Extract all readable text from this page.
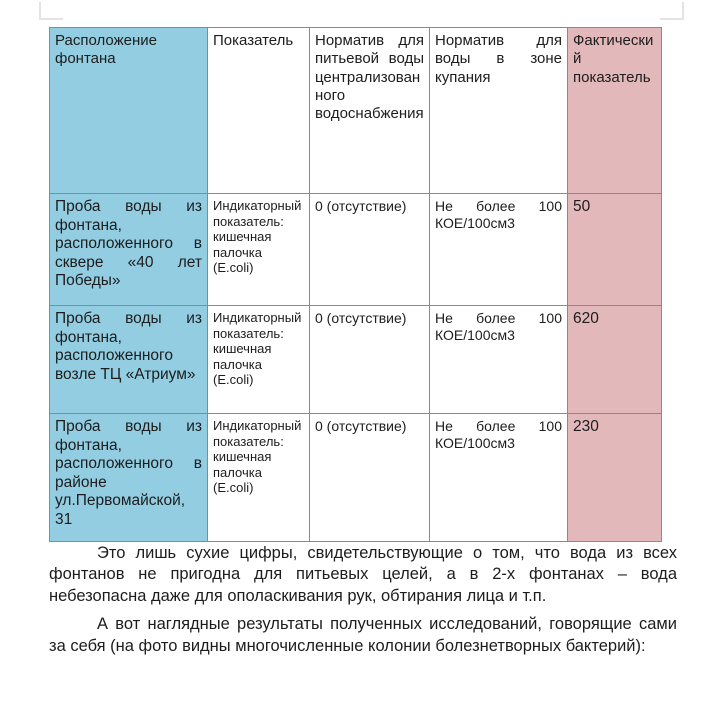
Расположение фонтана	Показатель	Норматив для питьевой воды централизованного водоснабжения	Норматив для воды в зоне купания	Фактический показатель

Проба воды из фонтана, расположенного в сквере «40 лет Победы»	Индикаторный показатель: кишечная палочка (E.coli)	0 (отсутствие)	Не более 100 КОЕ/100см3	50

Проба воды из фонтана, расположенного возле ТЦ «Атриум»	Индикаторный показатель: кишечная палочка (E.coli)	0 (отсутствие)	Не более 100 КОЕ/100см3	620

Проба воды из фонтана, расположенного в районе ул.Первомайской, 31	Индикаторный показатель: кишечная палочка (E.coli)	0 (отсутствие)	Не более 100 КОЕ/100см3	230

Это лишь сухие цифры, свидетельствующие о том, что вода из всех фонтанов не пригодна для питьевых целей, а в 2-х фонтанах – вода небезопасна даже для ополаскивания рук, обтирания лица и т.п.

А вот наглядные результаты полученных исследований, говорящие сами за себя (на фото видны многочисленные колонии болезнетворных бактерий):
